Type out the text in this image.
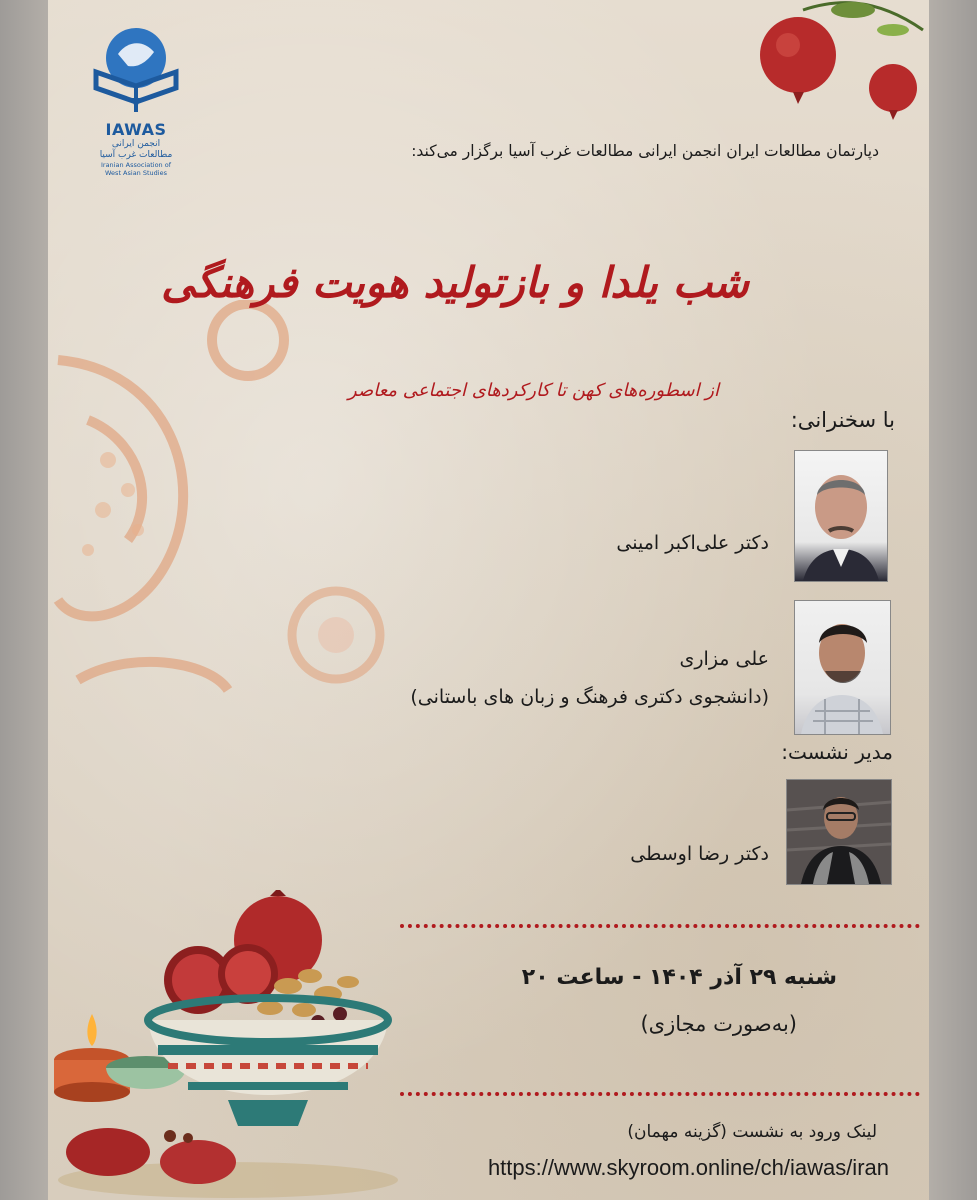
IAWAS
انجمن ایرانی
مطالعات غرب آسیا
Iranian Association of
West Asian Studies
دپارتمان مطالعات ایران انجمن ایرانی مطالعات غرب آسیا برگزار می‌کند:
شب یلدا و بازتولید هویت فرهنگی
از اسطوره‌های کهن تا کارکردهای اجتماعی معاصر
با سخنرانی:
دکتر علی‌اکبر امینی
علی مزاری
(دانشجوی دکتری فرهنگ و زبان های باستانی)
مدیر نشست:
دکتر رضا اوسطی
شنبه ۲۹ آذر ۱۴۰۴ - ساعت ۲۰
(به‌صورت مجازی)
لینک ورود به نشست (گزینه مهمان)
https://www.skyroom.online/ch/iawas/iran
